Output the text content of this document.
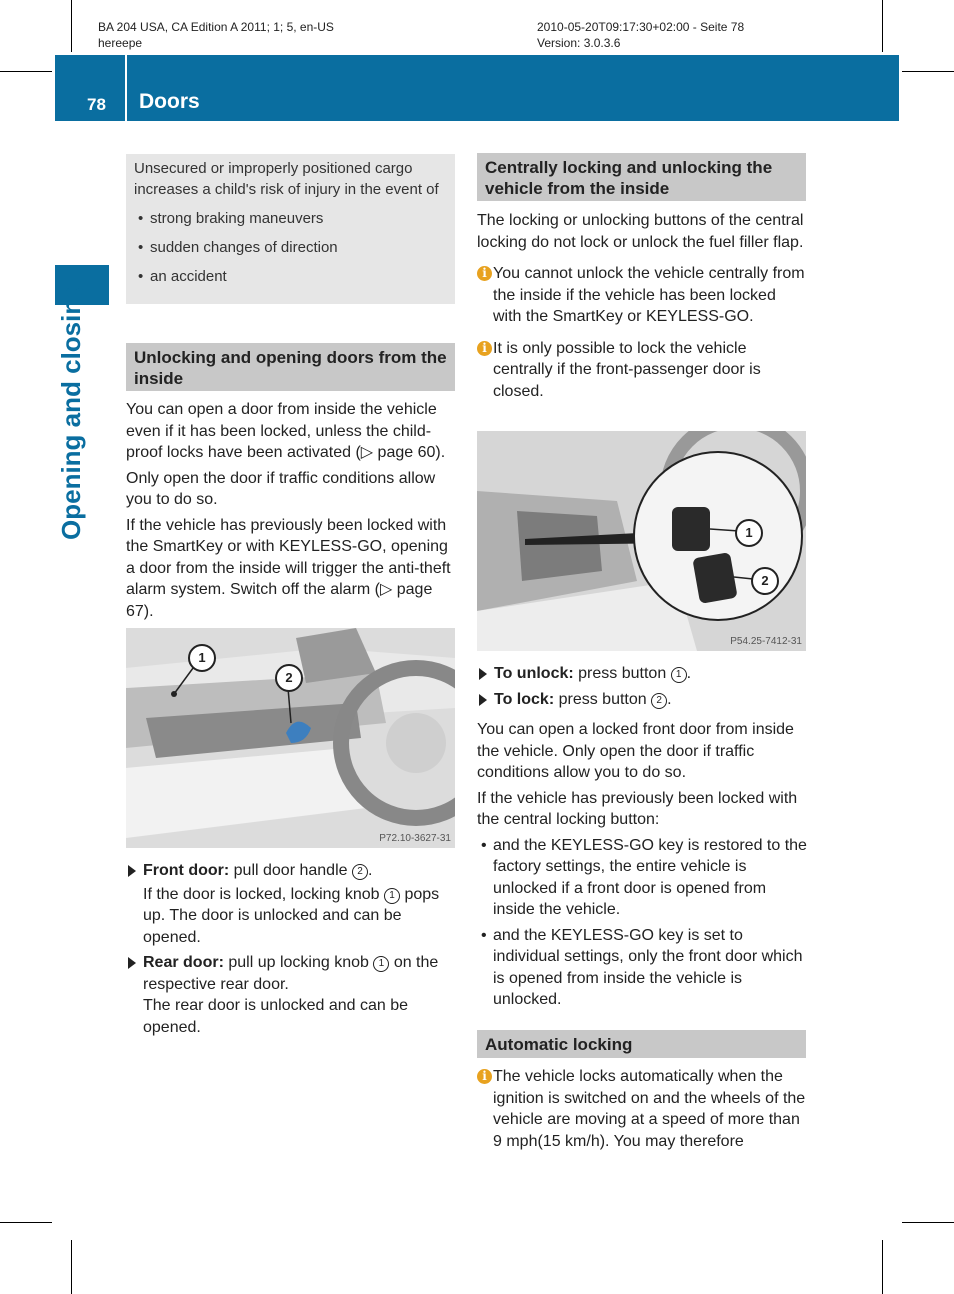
BA 204 USA, CA Edition A 2011; 1; 5, en-US
hereepe
2010-05-20T09:17:30+02:00 - Seite 78
Version: 3.0.3.6
78 Doors
Opening and closing
Unsecured or improperly positioned cargo increases a child's risk of injury in the event of
• strong braking maneuvers
• sudden changes of direction
• an accident
Unlocking and opening doors from the inside

You can open a door from inside the vehicle even if it has been locked, unless the child-proof locks have been activated (▷ page 60).

Only open the door if traffic conditions allow you to do so.

If the vehicle has previously been locked with the SmartKey or with KEYLESS-GO, opening a door from the inside will trigger the anti-theft alarm system. Switch off the alarm (▷ page 67).

1
2
P72.10-3627-31
Front door: pull door handle 2 .
If the door is locked, locking knob 1 pops up. The door is unlocked and can be opened.
Rear door: pull up locking knob 1 on the respective rear door.
The rear door is unlocked and can be opened.
Centrally locking and unlocking the vehicle from the inside

The locking or unlocking buttons of the central locking do not lock or unlock the fuel filler flap.

i You cannot unlock the vehicle centrally from the inside if the vehicle has been locked with the SmartKey or KEYLESS-GO.
i It is only possible to lock the vehicle centrally if the front-passenger door is closed.
1
2
P54.25-7412-31
To unlock: press button 1 .
To lock: press button 2 .

You can open a locked front door from inside the vehicle. Only open the door if traffic conditions allow you to do so.

If the vehicle has previously been locked with the central locking button:

• and the KEYLESS-GO key is restored to the factory settings, the entire vehicle is unlocked if a front door is opened from inside the vehicle.
• and the KEYLESS-GO key is set to individual settings, only the front door which is opened from inside the vehicle is unlocked.
Automatic locking
i The vehicle locks automatically when the ignition is switched on and the wheels of the vehicle are moving at a speed of more than 9 mph(15 km/h). You may therefore
